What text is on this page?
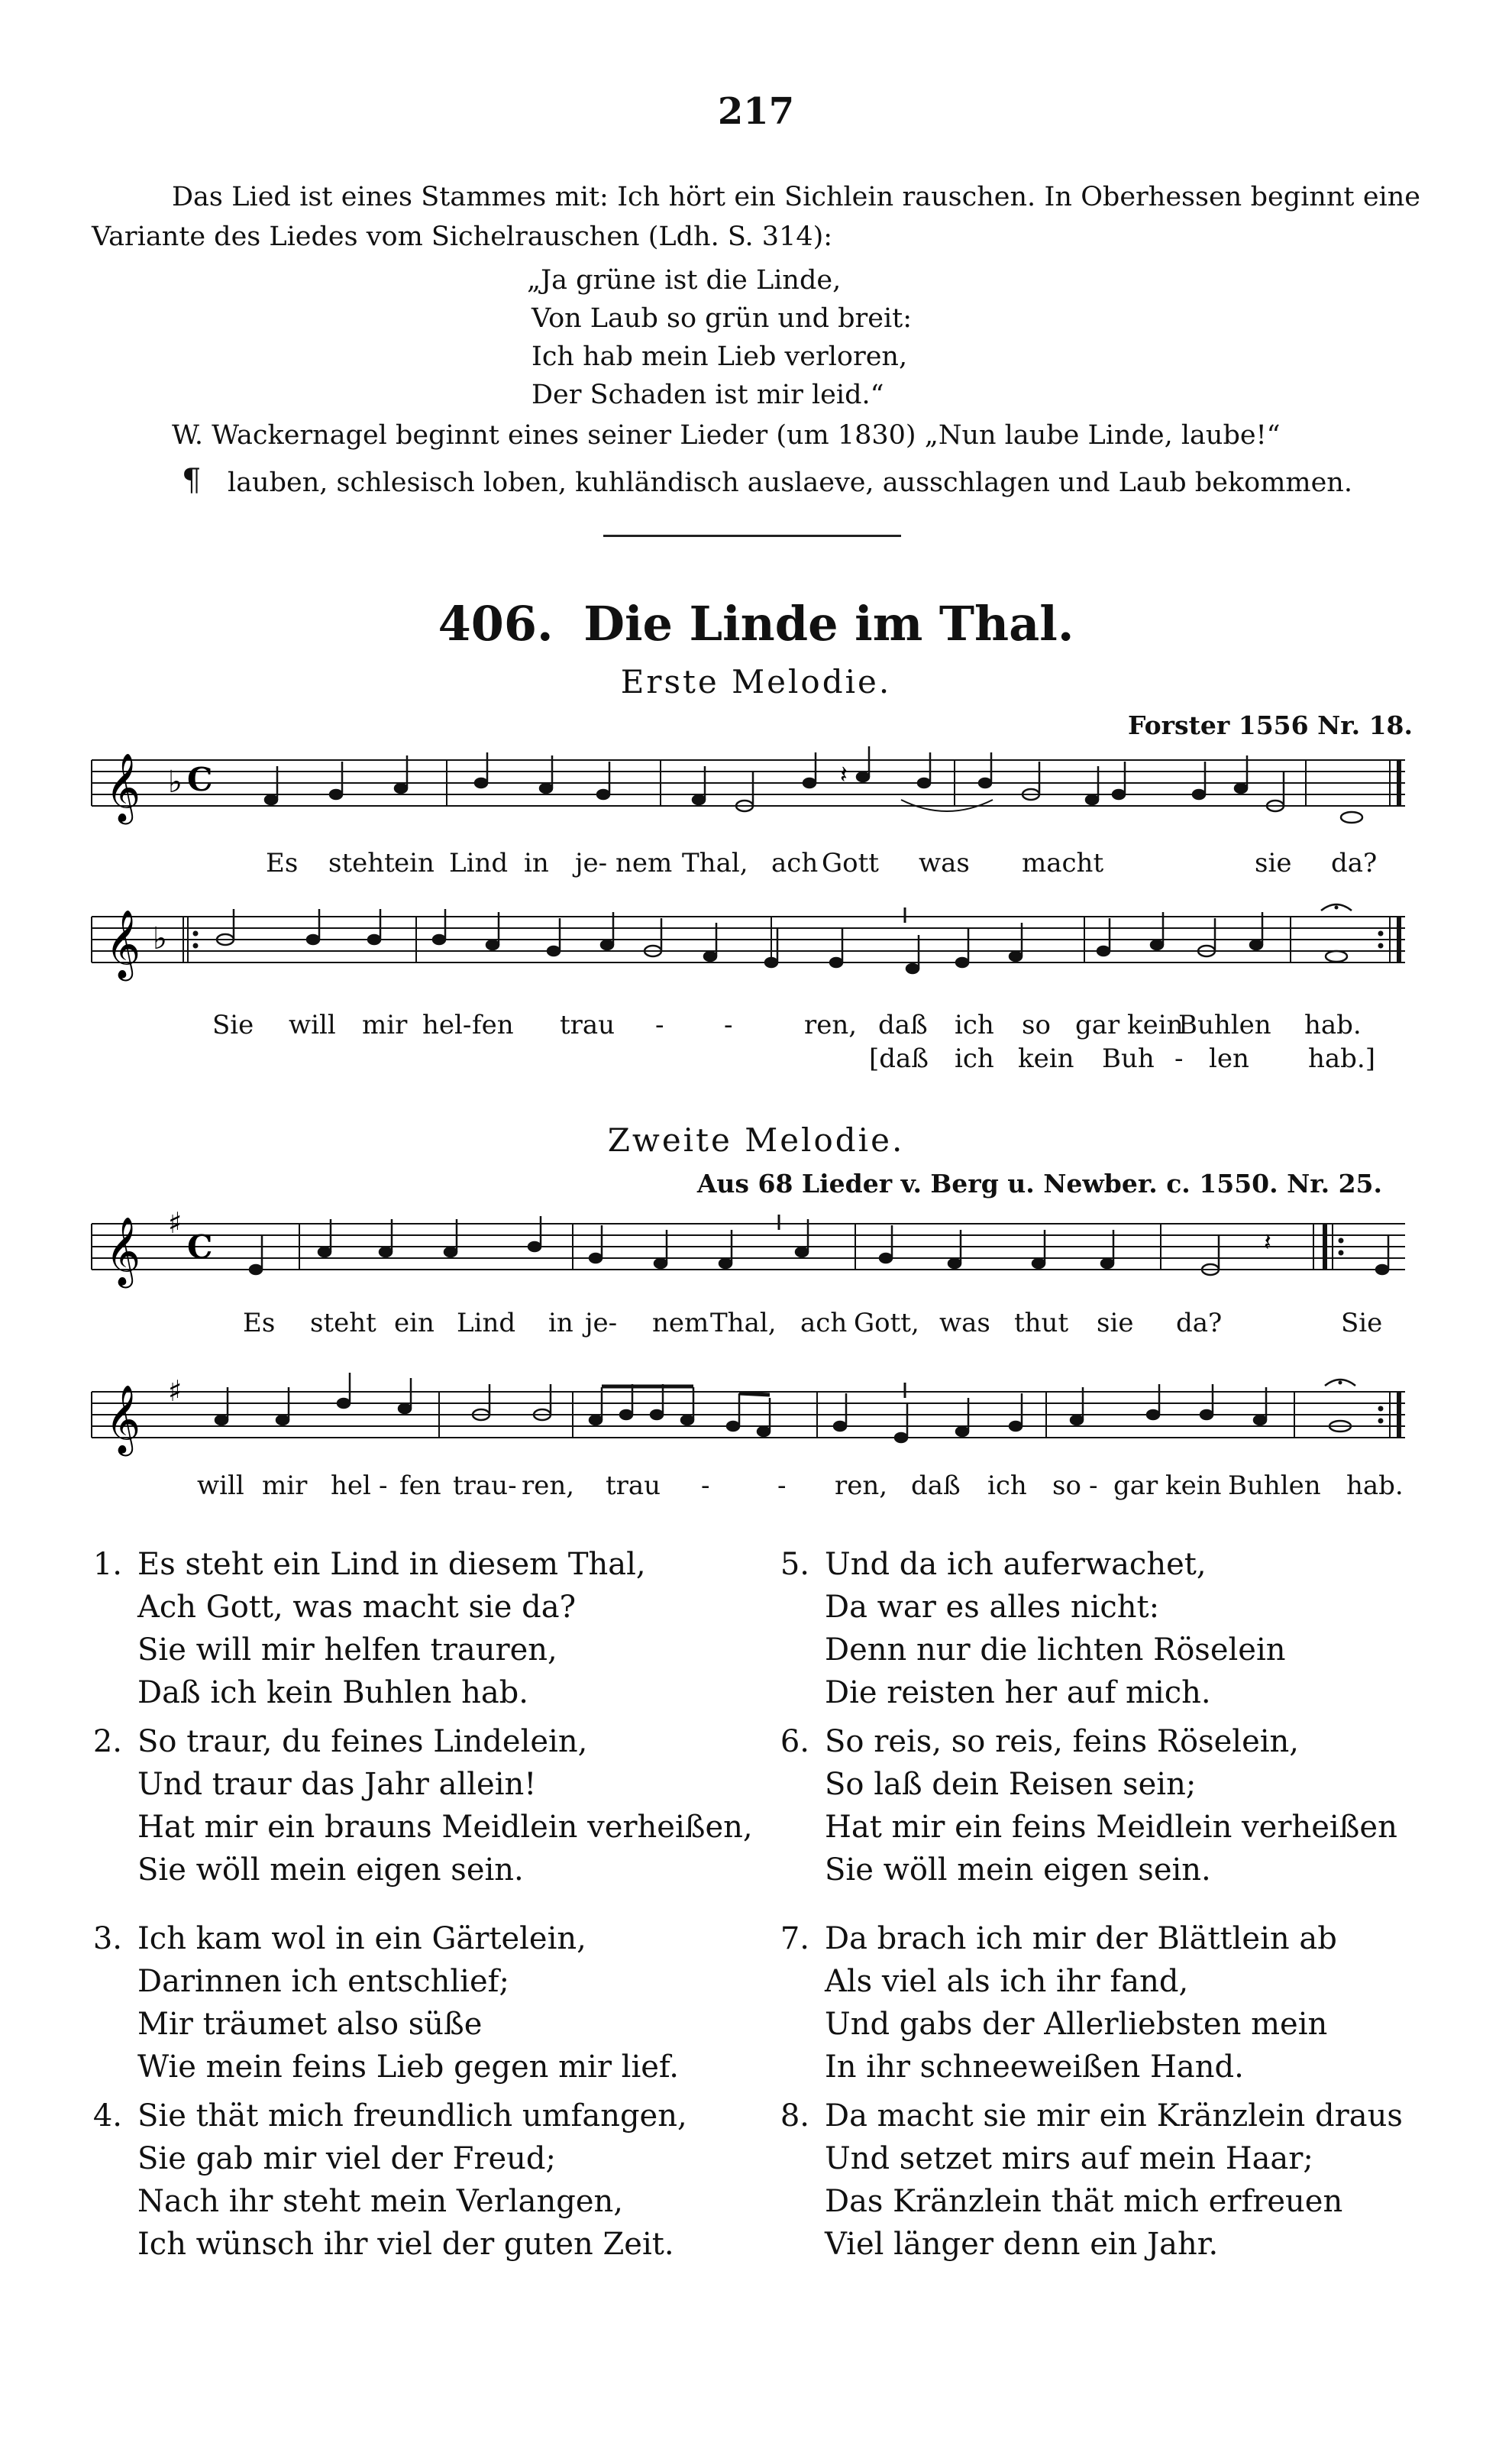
217
Das Lied ist eines Stammes mit: Ich hört ein Sichlein rauschen. In Oberhessen beginnt eine Variante des Liedes vom Sichelrauschen (Ldh. S. 314):
„Ja grüne ist die Linde,
Von Laub so grün und breit:
Ich hab mein Lieb verloren,
Der Schaden ist mir leid.“
W. Wackernagel beginnt eines seiner Lieder (um 1830) „Nun laube Linde, laube!“
¶ lauben, schlesisch loben, kuhländisch auslaeve, ausschlagen und Laub bekommen.
406. Die Linde im Thal.
Erste Melodie.
Forster 1556 Nr. 18.
𝄞 ♭ C	𝄽
Es steht ein Lind in je- nem Thal, ach Gott was macht	sie da?
𝄞 ♭
Sie will mir hel- fen trau - -	ren, daß ich so gar kein
Buhlen hab.
[daß ich kein Buh - len hab.]
Zweite Melodie.
Aus 68 Lieder v. Berg u. Newber. c. 1550. Nr. 25.
𝄞 ♯
C	𝄽
Es steht ein Lind in je- nem Thal, ach Gott, was thut sie da?	Sie
𝄞 ♯
will mir hel - fen trau- ren, trau -	- ren, daß ich so - gar kein Buhlen hab.
1. Es steht ein Lind in diesem Thal,
Ach Gott, was macht sie da?
Sie will mir helfen trauren,
Daß ich kein Buhlen hab.
2. So traur, du feines Lindelein,
Und traur das Jahr allein!
Hat mir ein brauns Meidlein verheißen,
Sie wöll mein eigen sein.
3. Ich kam wol in ein Gärtelein,
Darinnen ich entschlief;
Mir träumet also süße
Wie mein feins Lieb gegen mir lief.
4. Sie thät mich freundlich umfangen,
Sie gab mir viel der Freud;
Nach ihr steht mein Verlangen,
Ich wünsch ihr viel der guten Zeit.
5. Und da ich auferwachet,
Da war es alles nicht:
Denn nur die lichten Röselein
Die reisten her auf mich.
6. So reis, so reis, feins Röselein,
So laß dein Reisen sein;
Hat mir ein feins Meidlein verheißen
Sie wöll mein eigen sein.
7. Da brach ich mir der Blättlein ab
Als viel als ich ihr fand,
Und gabs der Allerliebsten mein
In ihr schneeweißen Hand.
8. Da macht sie mir ein Kränzlein draus
Und setzet mirs auf mein Haar;
Das Kränzlein thät mich erfreuen
Viel länger denn ein Jahr.
